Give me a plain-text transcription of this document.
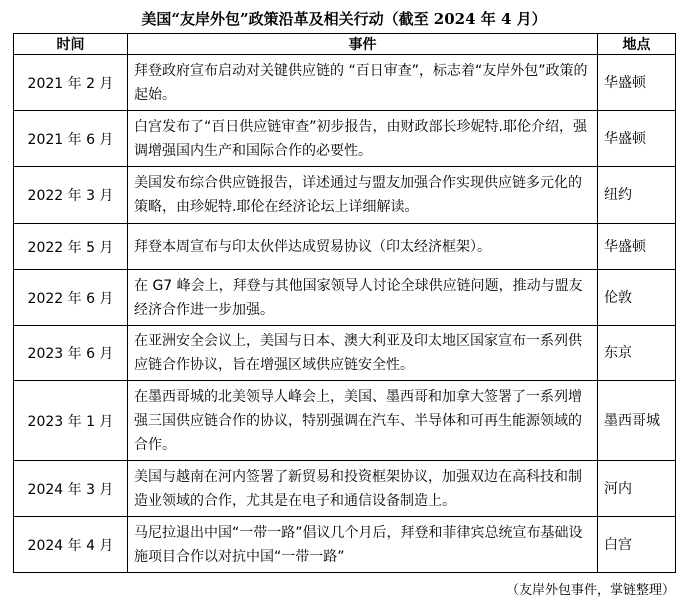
美国“友岸外包”政策沿革及相关行动（截至 2024 年 4 月）
时间	事件	地点
2021 年 2 月	拜登政府宣布启动对关键供应链的 “百日审查”，标志着“友岸外包”政策的起始。	华盛顿
2021 年 6 月	白宫发布了“百日供应链审查”初步报告，由财政部长珍妮特.耶伦介绍，强调增强国内生产和国际合作的必要性。	华盛顿
2022 年 3 月	美国发布综合供应链报告，详述通过与盟友加强合作实现供应链多元化的策略，由珍妮特.耶伦在经济论坛上详细解读。	纽约
2022 年 5 月	拜登本周宣布与印太伙伴达成贸易协议（印太经济框架）。	华盛顿
2022 年 6 月	在 G7 峰会上，拜登与其他国家领导人讨论全球供应链问题，推动与盟友经济合作进一步加强。	伦敦
2023 年 6 月	在亚洲安全会议上，美国与日本、澳大利亚及印太地区国家宣布一系列供应链合作协议，旨在增强区域供应链安全性。	东京
2023 年 1 月	在墨西哥城的北美领导人峰会上，美国、墨西哥和加拿大签署了一系列增强三国供应链合作的协议，特别强调在汽车、半导体和可再生能源领域的合作。	墨西哥城
2024 年 3 月	美国与越南在河内签署了新贸易和投资框架协议，加强双边在高科技和制造业领域的合作，尤其是在电子和通信设备制造上。	河内
2024 年 4 月	马尼拉退出中国“一带一路”倡议几个月后，拜登和菲律宾总统宣布基础设施项目合作以对抗中国“一带一路”	白宫
（友岸外包事件，掌链整理）
